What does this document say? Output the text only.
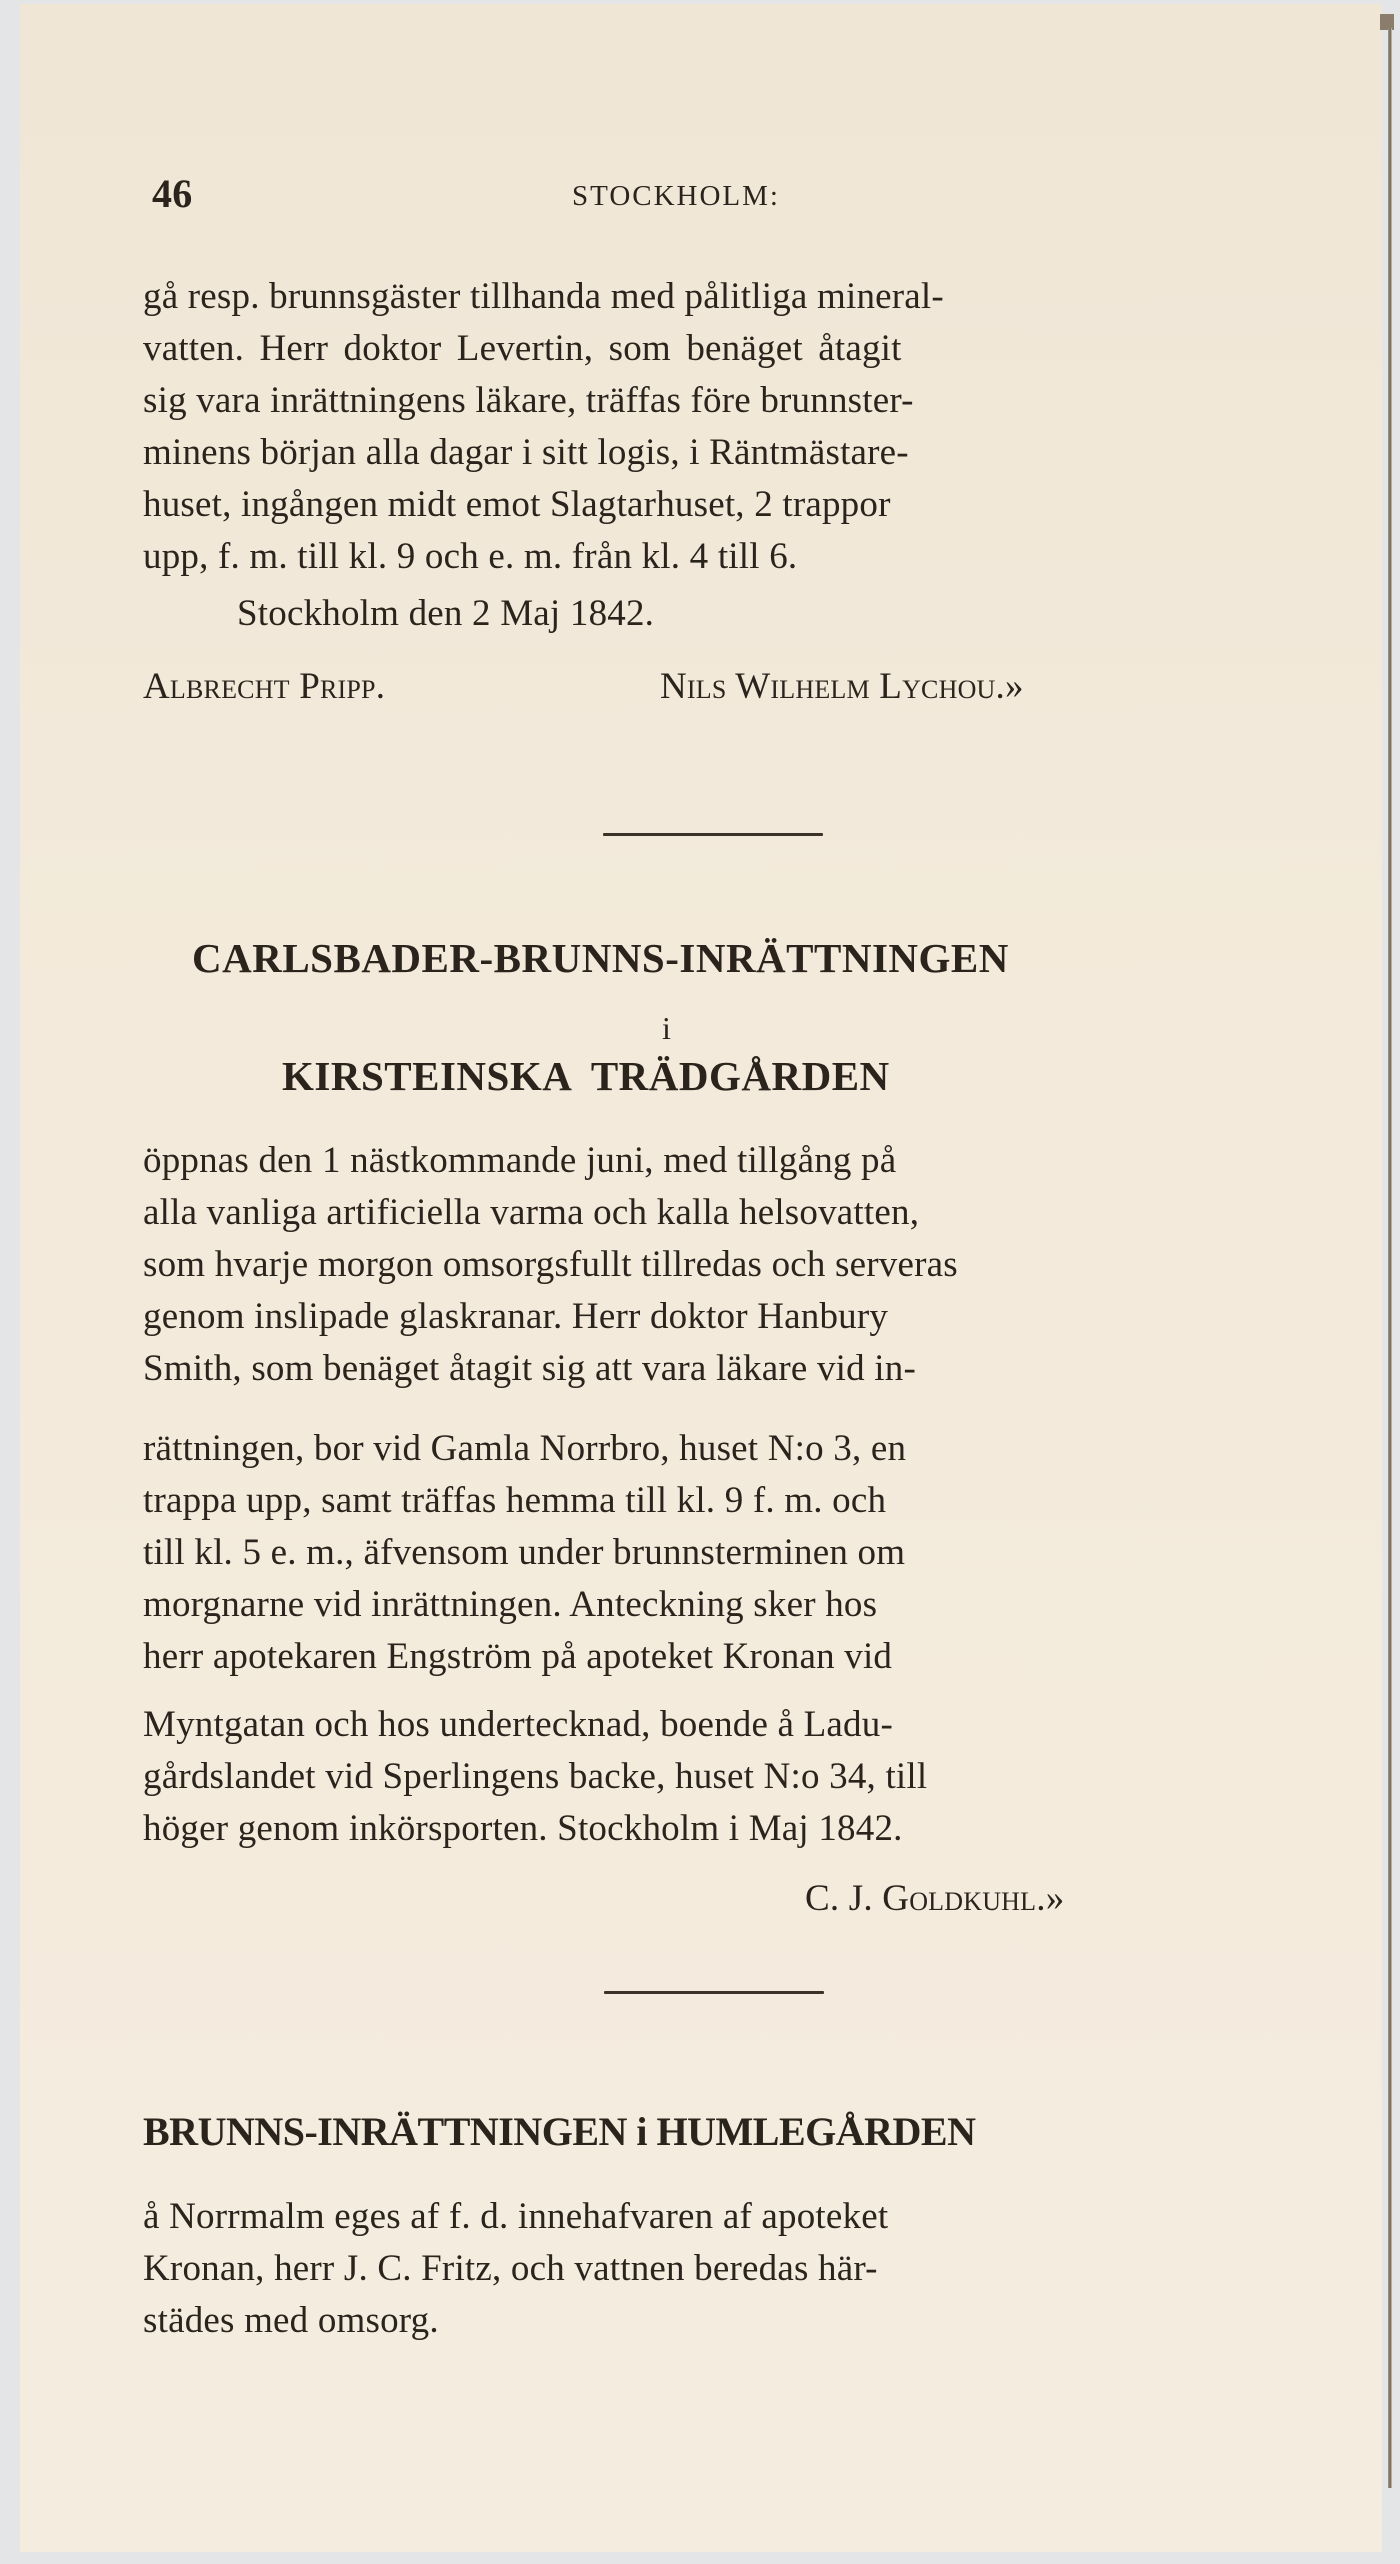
46	STOCKHOLM:
gå resp. brunnsgäster tillhanda med pålitliga mineral-
vatten. Herr doktor Levertin, som benäget åtagit
sig vara inrättningens läkare, träffas före brunnster-
minens början alla dagar i sitt logis, i Räntmästare-
huset, ingången midt emot Slagtarhuset, 2 trappor
upp, f. m. till kl. 9 och e. m. från kl. 4 till 6.
Stockholm den 2 Maj 1842.
Albrecht Pripp.	Nils Wilhelm Lychou.»
CARLSBADER-BRUNNS-INRÄTTNINGEN
i
KIRSTEINSKA  TRÄDGÅRDEN
öppnas den 1 nästkommande juni, med tillgång på
alla vanliga artificiella varma och kalla helsovatten,
som hvarje morgon omsorgsfullt tillredas och serveras
genom inslipade glaskranar. Herr doktor Hanbury
Smith, som benäget åtagit sig att vara läkare vid in-
rättningen, bor vid Gamla Norrbro, huset N:o 3, en
trappa upp, samt träffas hemma till kl. 9 f. m. och
till kl. 5 e. m., äfvensom under brunnsterminen om
morgnarne vid inrättningen. Anteckning sker hos
herr apotekaren Engström på apoteket Kronan vid
Myntgatan och hos undertecknad, boende å Ladu-
gårdslandet vid Sperlingens backe, huset N:o 34, till
höger genom inkörsporten. Stockholm i Maj 1842.
C. J. Goldkuhl.»
BRUNNS-INRÄTTNINGEN i HUMLEGÅRDEN
å Norrmalm eges af f. d. innehafvaren af apoteket
Kronan, herr J. C. Fritz, och vattnen beredas här-
städes med omsorg.
